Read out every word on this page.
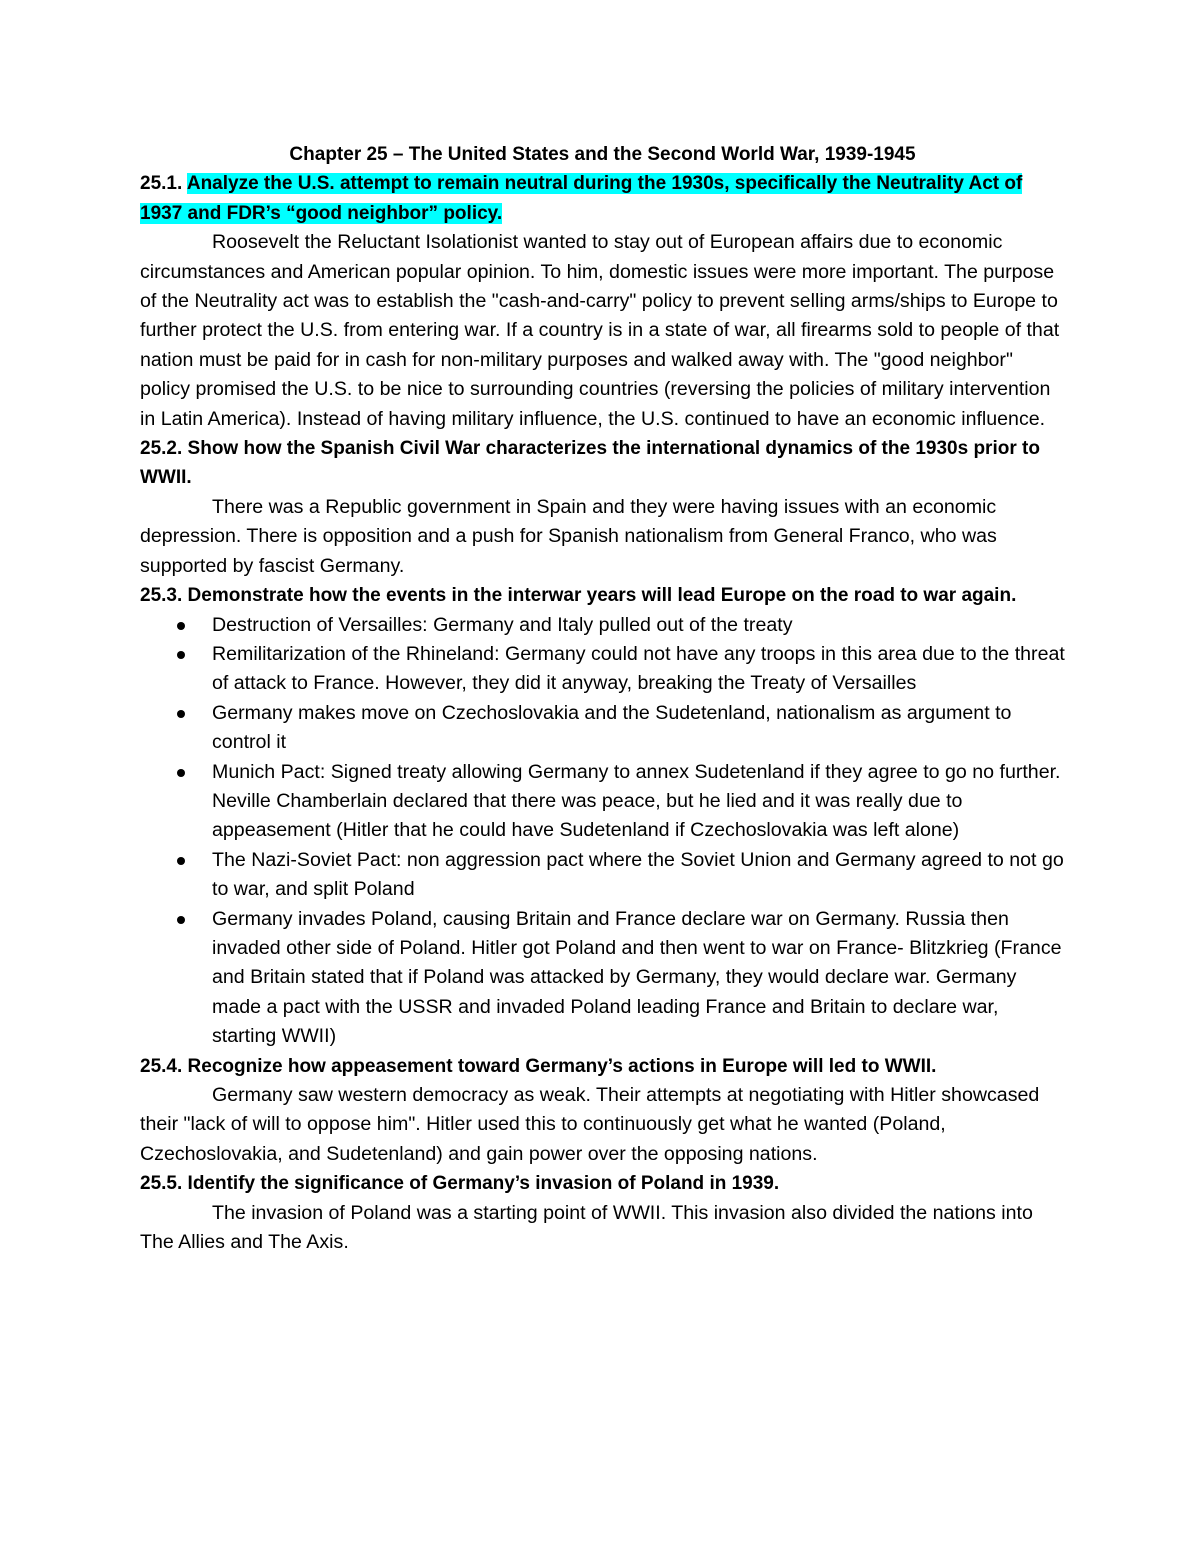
Chapter 25 – The United States and the Second World War, 1939-1945

25.1. Analyze the U.S. attempt to remain neutral during the 1930s, specifically the Neutrality Act of 1937 and FDR’s “good neighbor” policy.

Roosevelt the Reluctant Isolationist wanted to stay out of European affairs due to economic circumstances and American popular opinion. To him, domestic issues were more important. The purpose of the Neutrality act was to establish the "cash-and-carry" policy to prevent selling arms/ships to Europe to further protect the U.S. from entering war. If a country is in a state of war, all firearms sold to people of that nation must be paid for in cash for non-military purposes and walked away with. The "good neighbor" policy promised the U.S. to be nice to surrounding countries (reversing the policies of military intervention in Latin America). Instead of having military influence, the U.S. continued to have an economic influence.

25.2. Show how the Spanish Civil War characterizes the international dynamics of the 1930s prior to WWII.

There was a Republic government in Spain and they were having issues with an economic depression. There is opposition and a push for Spanish nationalism from General Franco, who was supported by fascist Germany.

25.3. Demonstrate how the events in the interwar years will lead Europe on the road to war again.

Destruction of Versailles: Germany and Italy pulled out of the treaty
Remilitarization of the Rhineland: Germany could not have any troops in this area due to the threat of attack to France. However, they did it anyway, breaking the Treaty of Versailles
Germany makes move on Czechoslovakia and the Sudetenland, nationalism as argument to control it
Munich Pact: Signed treaty allowing Germany to annex Sudetenland if they agree to go no further. Neville Chamberlain declared that there was peace, but he lied and it was really due to appeasement (Hitler that he could have Sudetenland if Czechoslovakia was left alone)
The Nazi-Soviet Pact: non aggression pact where the Soviet Union and Germany agreed to not go to war, and split Poland
Germany invades Poland, causing Britain and France declare war on Germany. Russia then invaded other side of Poland. Hitler got Poland and then went to war on France- Blitzkrieg (France and Britain stated that if Poland was attacked by Germany, they would declare war. Germany made a pact with the USSR and invaded Poland leading France and Britain to declare war, starting WWII)

25.4. Recognize how appeasement toward Germany’s actions in Europe will led to WWII.

Germany saw western democracy as weak. Their attempts at negotiating with Hitler showcased their "lack of will to oppose him". Hitler used this to continuously get what he wanted (Poland, Czechoslovakia, and Sudetenland) and gain power over the opposing nations.

25.5. Identify the significance of Germany’s invasion of Poland in 1939.

The invasion of Poland was a starting point of WWII. This invasion also divided the nations into The Allies and The Axis.
